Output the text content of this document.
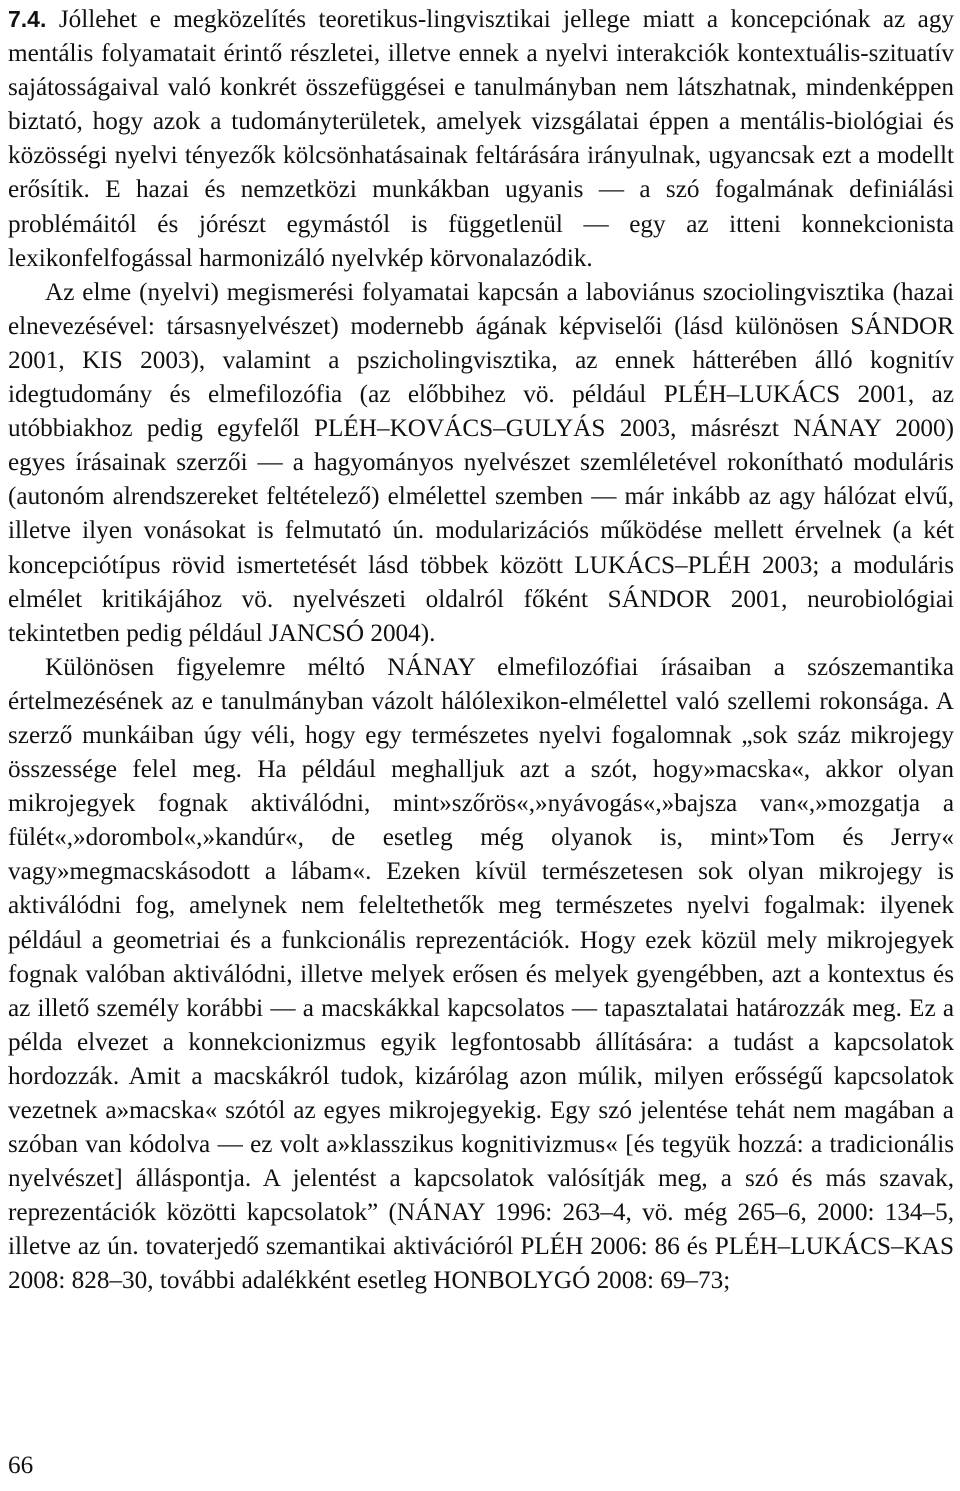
7.4. Jóllehet e megközelítés teoretikus-lingvisztikai jellege miatt a koncepciónak az agy mentális folyamatait érintő részletei, illetve ennek a nyelvi interakciók kontextuális-szituatív sajátosságaival való konkrét összefüggései e tanulmányban nem látszhatnak, mindenképpen biztató, hogy azok a tudományterületek, amelyek vizsgálatai éppen a mentális-biológiai és közösségi nyelvi tényezők kölcsönhatásainak feltárására irányulnak, ugyancsak ezt a modellt erősítik. E hazai és nemzetközi munkákban ugyanis — a szó fogalmának definiálási problémáitól és jórészt egymástól is függetlenül — egy az itteni konnekcionista lexikonfelfogással harmonizáló nyelvkép körvonalazódik.

Az elme (nyelvi) megismerési folyamatai kapcsán a laboviánus szociolingvisztika (hazai elnevezésével: társasnyelvészet) modernebb ágának képviselői (lásd különösen SÁNDOR 2001, KIS 2003), valamint a pszicholingvisztika, az ennek hátterében álló kognitív idegtudomány és elmefilozófia (az előbbihez vö. például PLÉH–LUKÁCS 2001, az utóbbiakhoz pedig egyfelől PLÉH–KOVÁCS–GULYÁS 2003, másrészt NÁNAY 2000) egyes írásainak szerzői — a hagyományos nyelvészet szemléletével rokonítható moduláris (autonóm alrendszereket feltételező) elmélettel szemben — már inkább az agy hálózat elvű, illetve ilyen vonásokat is felmutató ún. modularizációs működése mellett érvelnek (a két koncepciótípus rövid ismertetését lásd többek között LUKÁCS–PLÉH 2003; a moduláris elmélet kritikájához vö. nyelvészeti oldalról főként SÁNDOR 2001, neurobiológiai tekintetben pedig például JANCSÓ 2004).

Különösen figyelemre méltó NÁNAY elmefilozófiai írásaiban a szószemantika értelmezésének az e tanulmányban vázolt hálólexikon-elmélettel való szellemi rokonsága. A szerző munkáiban úgy véli, hogy egy természetes nyelvi fogalomnak „sok száz mikrojegy összessége felel meg. Ha például meghalljuk azt a szót, hogy»macska«, akkor olyan mikrojegyek fognak aktiválódni, mint»szőrös«,»nyávogás«,»bajsza van«,»mozgatja a fülét«,»dorombol«,»kandúr«, de esetleg még olyanok is, mint»Tom és Jerry« vagy»megmacskásodott a lábam«. Ezeken kívül természetesen sok olyan mikrojegy is aktiválódni fog, amelynek nem feleltethetők meg természetes nyelvi fogalmak: ilyenek például a geometriai és a funkcionális reprezentációk. Hogy ezek közül mely mikrojegyek fognak valóban aktiválódni, illetve melyek erősen és melyek gyengébben, azt a kontextus és az illető személy korábbi — a macskákkal kapcsolatos — tapasztalatai határozzák meg. Ez a példa elvezet a konnekcionizmus egyik legfontosabb állítására: a tudást a kapcsolatok hordozzák. Amit a macskákról tudok, kizárólag azon múlik, milyen erősségű kapcsolatok vezetnek a»macska« szótól az egyes mikrojegyekig. Egy szó jelentése tehát nem magában a szóban van kódolva — ez volt a»klasszikus kognitivizmus« [és tegyük hozzá: a tradicionális nyelvészet] álláspontja. A jelentést a kapcsolatok valósítják meg, a szó és más szavak, reprezentációk közötti kapcsolatok” (NÁNAY 1996: 263–4, vö. még 265–6, 2000: 134–5, illetve az ún. tovaterjedő szemantikai aktivációról PLÉH 2006: 86 és PLÉH–LUKÁCS–KAS 2008: 828–30, további adalékként esetleg HONBOLYGÓ 2008: 69–73;

66
